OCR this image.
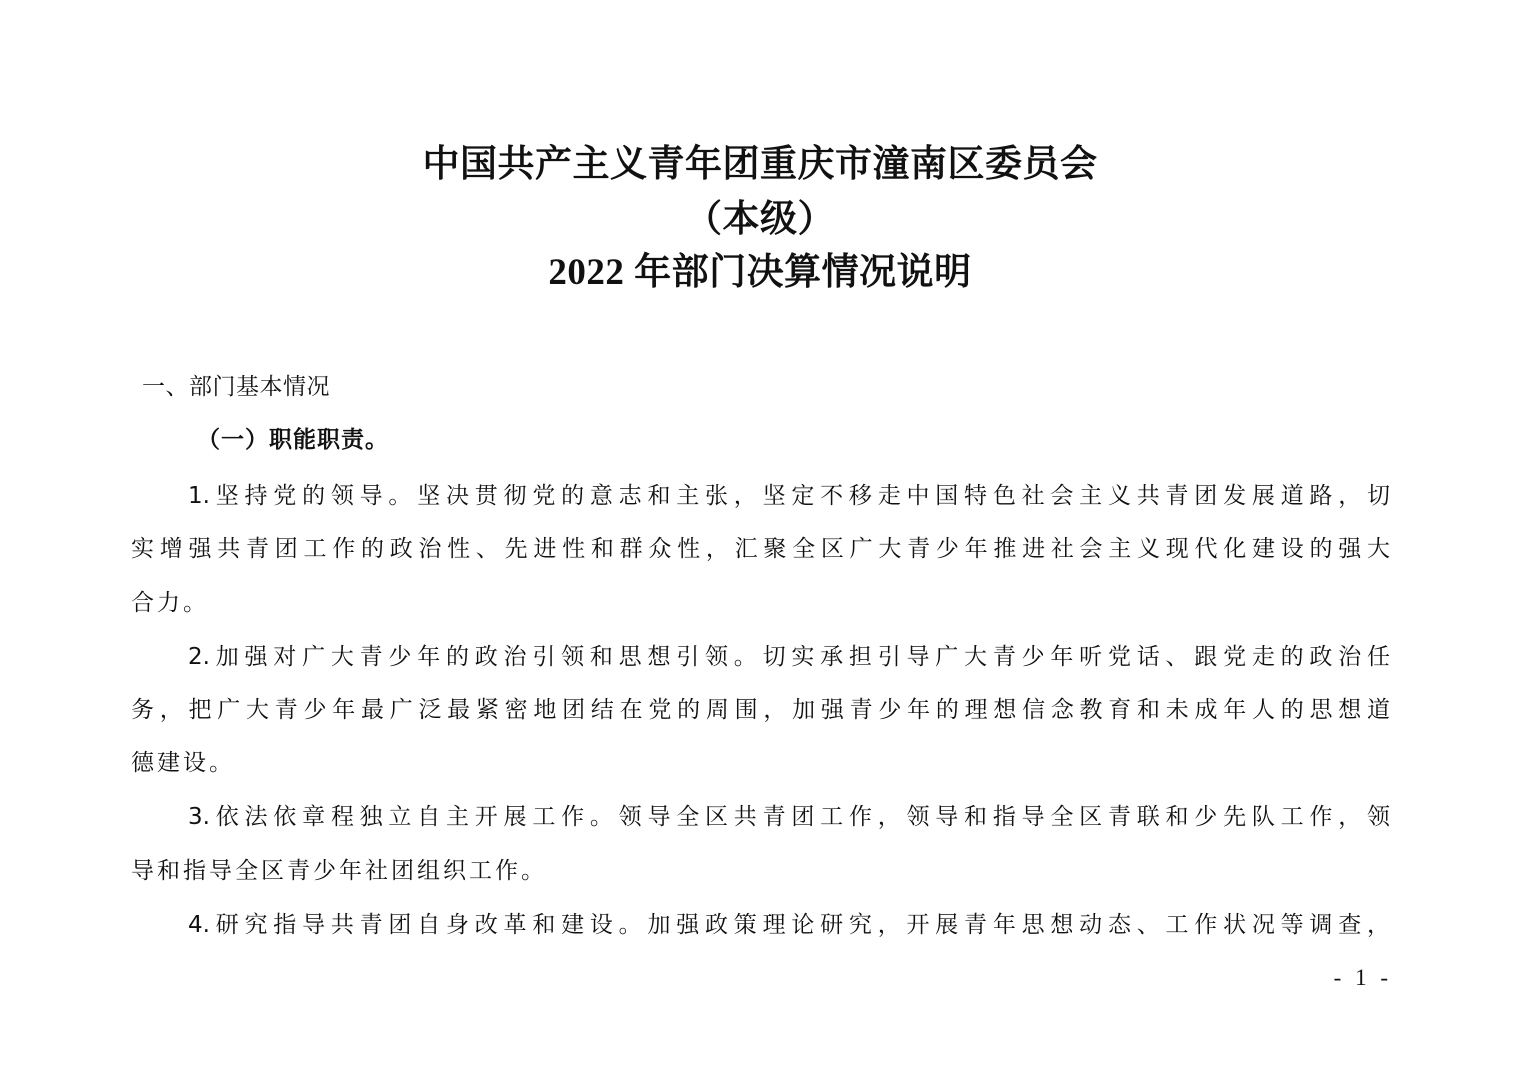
中国共产主义青年团重庆市潼南区委员会
（本级）
2022 年部门决算情况说明
一、部门基本情况
（一）职能职责。
1.坚持党的领导。坚决贯彻党的意志和主张，坚定不移走中国特色社会主义共青团发展道路，切
实增强共青团工作的政治性、先进性和群众性，汇聚全区广大青少年推进社会主义现代化建设的强大
合力。
2.加强对广大青少年的政治引领和思想引领。切实承担引导广大青少年听党话、跟党走的政治任
务，把广大青少年最广泛最紧密地团结在党的周围，加强青少年的理想信念教育和未成年人的思想道
德建设。
3.依法依章程独立自主开展工作。领导全区共青团工作，领导和指导全区青联和少先队工作，领
导和指导全区青少年社团组织工作。
4.研究指导共青团自身改革和建设。加强政策理论研究，开展青年思想动态、工作状况等调查，
- 1 -
